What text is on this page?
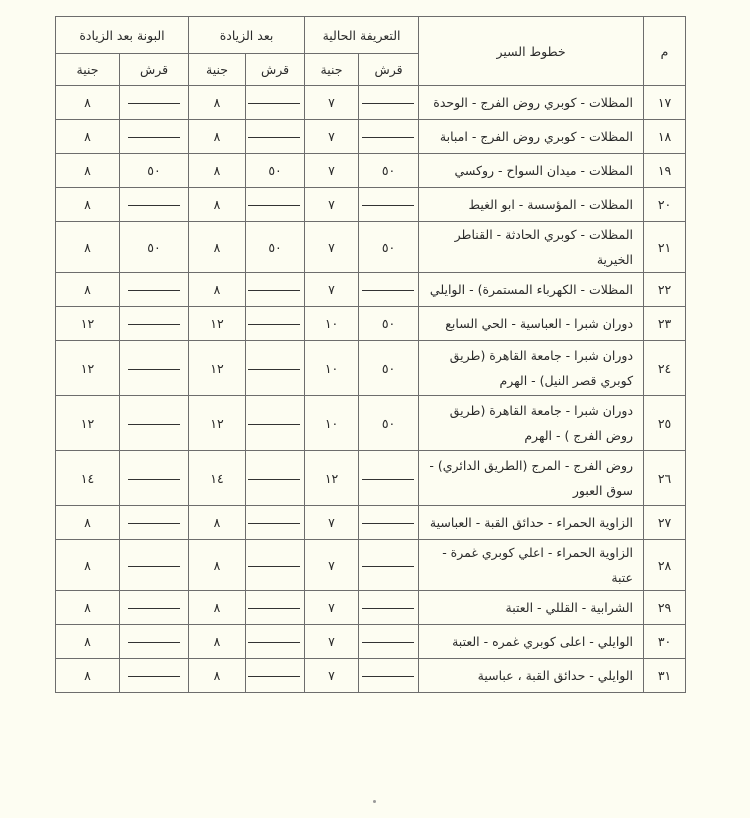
م	خطوط السير	التعريفة الحالية		بعد الزيادة		البونة بعد الزيادة	
		قرش	جنية	قرش	جنية	قرش	جنية
١٧	المظلات - كوبري روض الفرج - الوحدة		٧		٨		٨
١٨	المظلات - كوبري روض الفرج - امبابة		٧		٨		٨
١٩	المظلات - ميدان السواح - روكسي	٥٠	٧	٥٠	٨	٥٠	٨
٢٠	المظلات - المؤسسة - ابو الغيط		٧		٨		٨
٢١	المظلات - كوبري الحادثة - القناطر الخيرية	٥٠	٧	٥٠	٨	٥٠	٨
٢٢	المظلات - الكهرباء المستمرة) - الوايلي		٧		٨		٨
٢٣	دوران شبرا - العباسية - الحي السابع	٥٠	١٠		١٢		١٢
٢٤	دوران شبرا - جامعة القاهرة (طريق كوبري قصر النيل) - الهرم	٥٠	١٠		١٢		١٢
٢٥	دوران شبرا - جامعة القاهرة (طريق روض الفرج ) - الهرم	٥٠	١٠		١٢		١٢
٢٦	روض الفرج - المرج (الطريق الدائري) - سوق العبور		١٢		١٤		١٤
٢٧	الزاوية الحمراء - حدائق القبة - العباسية		٧		٨		٨
٢٨	الزاوية الحمراء - اعلي كوبري غمرة - عتبة		٧		٨		٨
٢٩	الشرابية - القللي - العتبة		٧		٨		٨
٣٠	الوايلي - اعلى كوبري غمره - العتبة		٧		٨		٨
٣١	الوايلي - حدائق القبة ، عباسية		٧		٨		٨
